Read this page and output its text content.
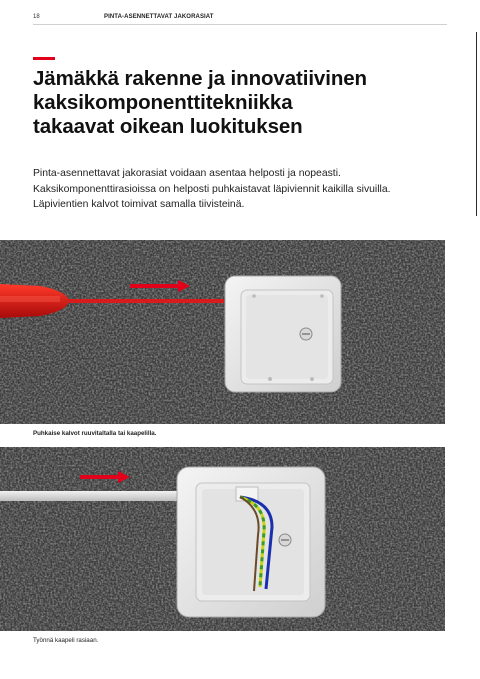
18	PINTA-ASENNETTAVAT JAKORASIAT
Jämäkkä rakenne ja innovatiivinen
kaksikomponenttitekniikka
takaavat oikean luokituksen

Pinta-asennettavat jakorasiat voidaan asentaa helposti ja nopeasti.
Kaksikomponenttirasioissa on helposti puhkaistavat läpiviennit kaikilla sivuilla.
Läpivientien kalvot toimivat samalla tiivisteinä.

Puhkaise kalvot ruuvitaltalla tai kaapelilla.
Työnnä kaapeli rasiaan.
